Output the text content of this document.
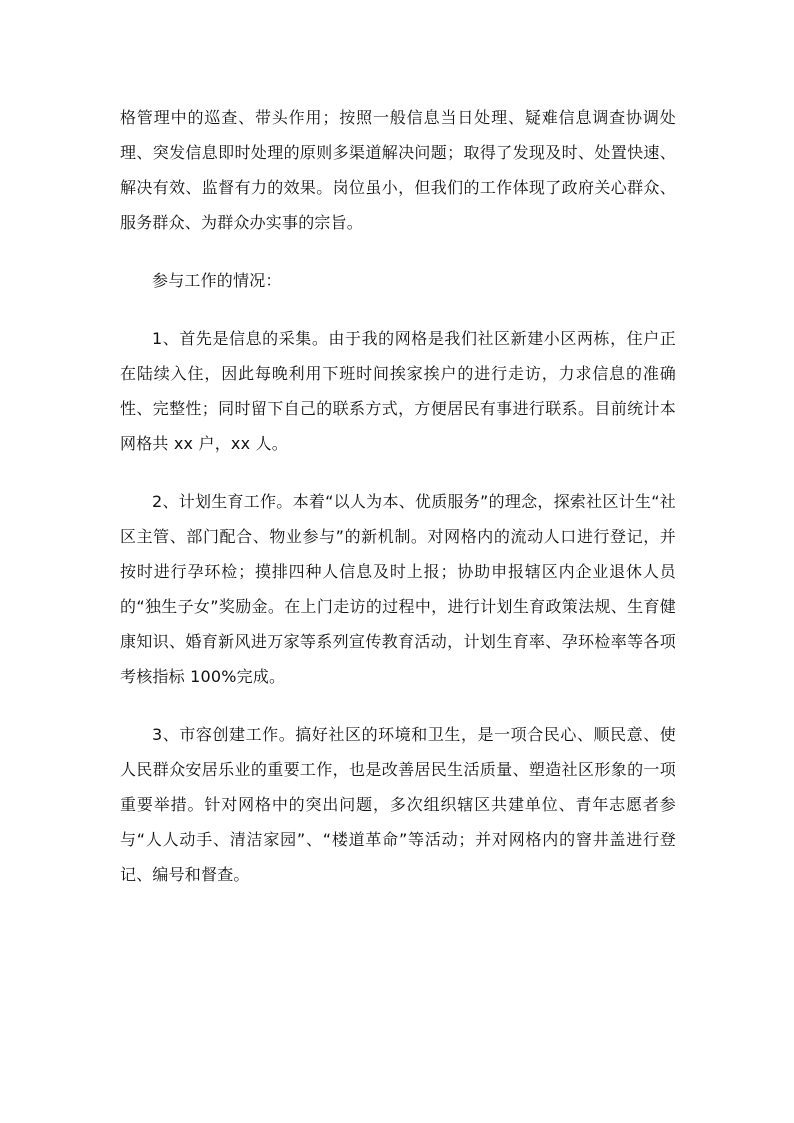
格管理中的巡查、带头作用；按照一般信息当日处理、疑难信息调查协调处理、突发信息即时处理的原则多渠道解决问题；取得了发现及时、处置快速、解决有效、监督有力的效果。岗位虽小，但我们的工作体现了政府关心群众、服务群众、为群众办实事的宗旨。

参与工作的情况：

1、首先是信息的采集。由于我的网格是我们社区新建小区两栋，住户正在陆续入住，因此每晚利用下班时间挨家挨户的进行走访，力求信息的准确性、完整性；同时留下自己的联系方式，方便居民有事进行联系。目前统计本网格共 xx 户，xx 人。

2、计划生育工作。本着“以人为本、优质服务”的理念，探索社区计生“社区主管、部门配合、物业参与”的新机制。对网格内的流动人口进行登记，并按时进行孕环检；摸排四种人信息及时上报；协助申报辖区内企业退休人员的“独生子女”奖励金。在上门走访的过程中，进行计划生育政策法规、生育健康知识、婚育新风进万家等系列宣传教育活动，计划生育率、孕环检率等各项考核指标 100%完成。

3、市容创建工作。搞好社区的环境和卫生，是一项合民心、顺民意、使人民群众安居乐业的重要工作，也是改善居民生活质量、塑造社区形象的一项重要举措。针对网格中的突出问题，多次组织辖区共建单位、青年志愿者参与“人人动手、清洁家园”、“楼道革命”等活动；并对网格内的窨井盖进行登记、编号和督查。
